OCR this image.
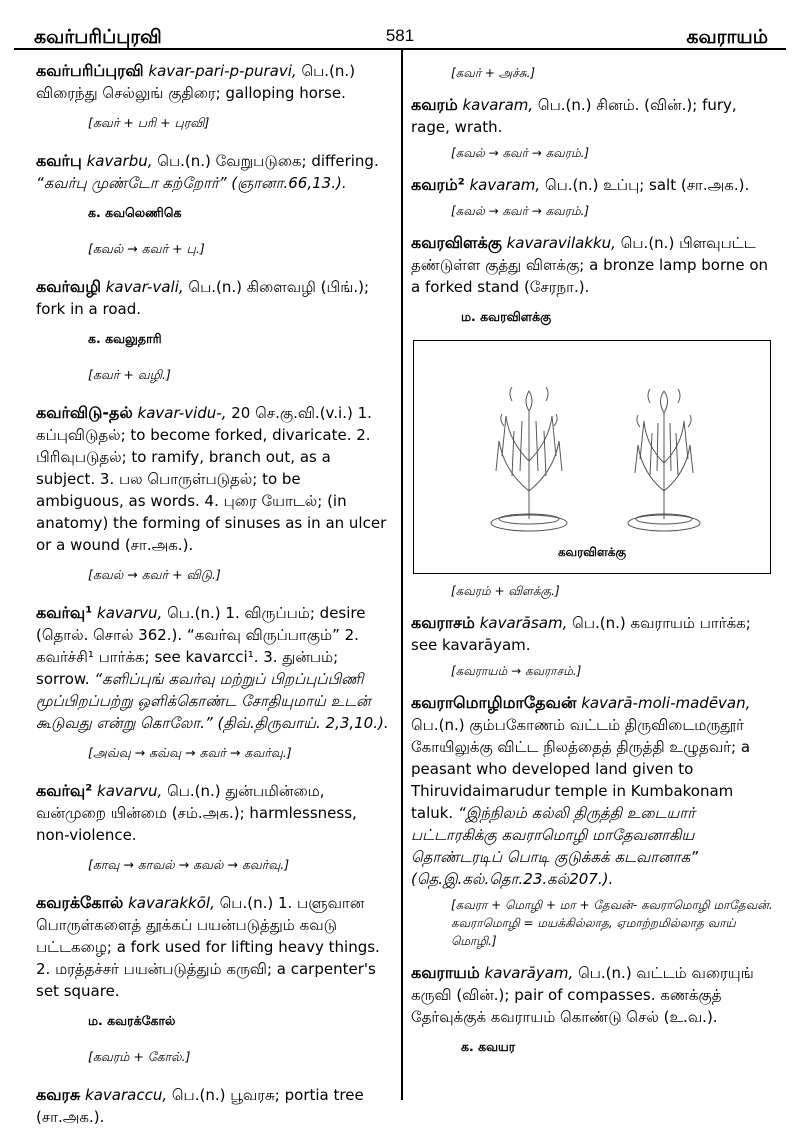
கவர்பரிப்புரவி	581	கவராயம்
கவர்பரிப்புரவி kavar-pari-p-puravi, பெ.(n.) விரைந்து செல்லுங் குதிரை; galloping horse.
[கவர் + பரி + புரவி]
கவர்பு kavarbu, பெ.(n.) வேறுபடுகை; differing. “கவர்பு முண்டோ கற்றோர்” (ஞானா.66,13.).
க. கவலெணிகெ
[கவல் → கவர் + பு.]
கவர்வழி kavar-vali, பெ.(n.) கிளைவழி (பிங்.); fork in a road.
க. கவலுதாரி
[கவர் + வழி.]
கவர்விடு-தல் kavar-vidu-, 20 செ.கு.வி.(v.i.) 1. கப்புவிடுதல்; to become forked, divaricate. 2. பிரிவுபடுதல்; to ramify, branch out, as a subject. 3. பல பொருள்படுதல்; to be ambiguous, as words. 4. புரை யோடல்; (in anatomy) the forming of sinuses as in an ulcer or a wound (சா.அக.).
[கவல் → கவர் + விடு.]
கவர்வு¹ kavarvu, பெ.(n.) 1. விருப்பம்; desire (தொல். சொல் 362.). “கவர்வு விருப்பாகும்” 2. கவர்ச்சி¹ பார்க்க; see kavarcci¹. 3. துன்பம்; sorrow. “களிப்புங் கவர்வு மற்றுப் பிறப்புப்பிணி மூப்பிறப்பற்று ஒளிக்கொண்ட சோதியுமாய் உடன் கூடுவது என்று கொலோ.” (திவ்.திருவாய். 2,3,10.).
[அவ்வு → கவ்வு → கவர் → கவர்வு.]
கவர்வு² kavarvu, பெ.(n.) துன்பமின்மை, வன்முறை யின்மை (சம்.அக.); harmlessness, non-violence.
[காவு → காவல் → கவல் → கவர்வு.]
கவரக்கோல் kavarakkōl, பெ.(n.) 1. பளுவான பொருள்களைத் தூக்கப் பயன்படுத்தும் கவடு பட்டகழை; a fork used for lifting heavy things. 2. மரத்தச்சர் பயன்படுத்தும் கருவி; a carpenter's set square.
ம. கவரக்கோல்
[கவரம் + கோல்.]
கவரசு kavaraccu, பெ.(n.) பூவரசு; portia tree (சா.அக.).
[கவர் + அச்சு.]
கவரம் kavaram, பெ.(n.) சினம். (வின்.); fury, rage, wrath.
[கவல் → கவர் → கவரம்.]
கவரம்² kavaram, பெ.(n.) உப்பு; salt (சா.அக.).
[கவல் → கவர் → கவரம்.]
கவரவிளக்கு kavaravilakku, பெ.(n.) பிளவுபட்ட தண்டுள்ள குத்து விளக்கு; a bronze lamp borne on a forked stand (சேரநா.).
ம. கவரவிளக்கு
கவரவிளக்கு
[கவரம் + விளக்கு.]
கவராசம் kavarāsam, பெ.(n.) கவராயம் பார்க்க; see kavarāyam.
[கவராயம் → கவராசம்.]
கவராமொழிமாதேவன் kavarā-moli-madēvan, பெ.(n.) கும்பகோணம் வட்டம் திருவிடைமருதூர் கோயிலுக்கு விட்ட நிலத்தைத் திருத்தி உழுதவர்; a peasant who developed land given to Thiruvidaimarudur temple in Kumbakonam taluk. “இந்நிலம் கல்லி திருத்தி உடையார் பட்டாரகிக்கு கவராமொழி மாதேவனாகிய தொண்டரடிப் பொடி குடுக்கக் கடவானாக” (தெ.இ.கல்.தொ.23.கல்207.).
[கவரா + மொழி + மா + தேவன்- கவராமொழி மாதேவன். கவராமொழி = மயக்கில்லாத, ஏமாற்றமில்லாத வாய் மொழி.]
கவராயம் kavarāyam, பெ.(n.) வட்டம் வரையுங் கருவி (வின்.); pair of compasses. கணக்குத் தேர்வுக்குக் கவராயம் கொண்டு செல் (உ.வ.).
க. கவயர
